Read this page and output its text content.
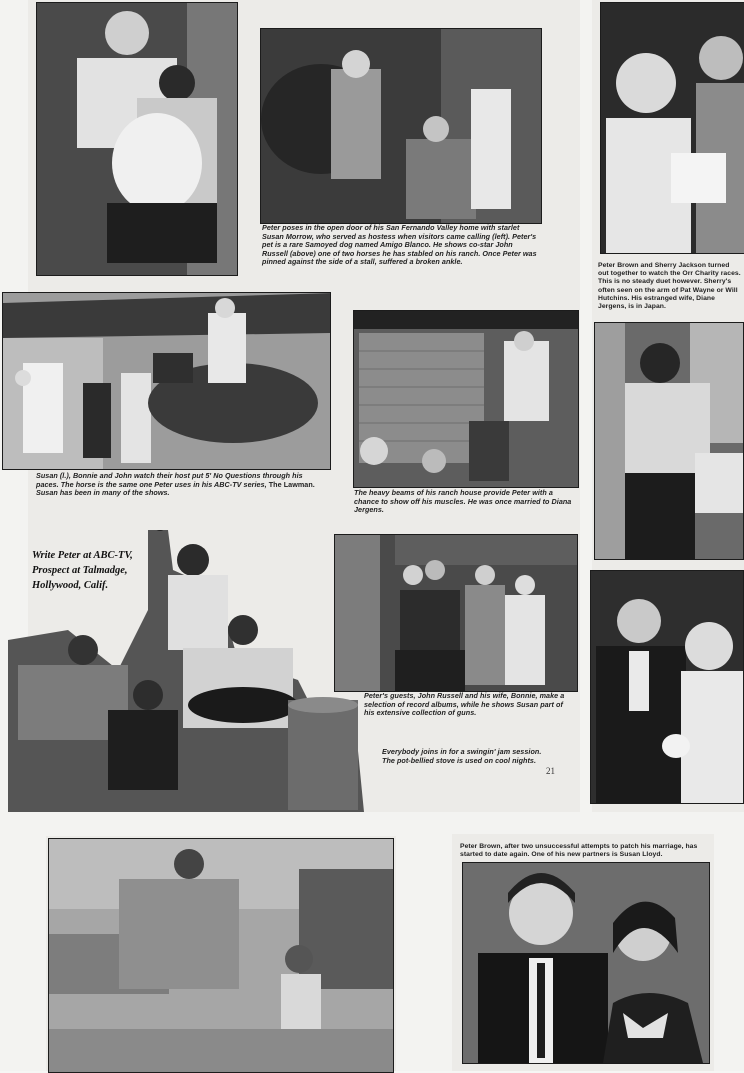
Peter poses in the open door of his San Fernando Valley home with starlet Susan Morrow, who served as hostess when visitors came calling (left). Peter's pet is a rare Samoyed dog named Amigo Blanco. He shows co-star John Russell (above) one of two horses he has stabled on his ranch. Once Peter was pinned against the side of a stall, suffered a broken ankle.	Peter Brown and Sherry Jackson turned out together to watch the Orr Charity races. This is no steady duet however. Sherry's often seen on the arm of Pat Wayne or Will Hutchins. His estranged wife, Diane Jergens, is in Japan.
Susan (l.), Bonnie and John watch their host put 5' No Questions through his paces. The horse is the same one Peter uses in his ABC-TV series, The Lawman. Susan has been in many of the shows.	The heavy beams of his ranch house provide Peter with a chance to show off his muscles. He was once married to Diana Jergens.
Write Peter at ABC-TV,
Prospect at Talmadge,
Hollywood, Calif.
Peter's guests, John Russell and his wife, Bonnie, make a selection of record albums, while he shows Susan part of his extensive collection of guns.
Everybody joins in for a swingin' jam session. The pot-bellied stove is used on cool nights.
21
Peter Brown, after two unsuccessful attempts to patch his marriage, has started to date again. One of his new partners is Susan Lloyd.
